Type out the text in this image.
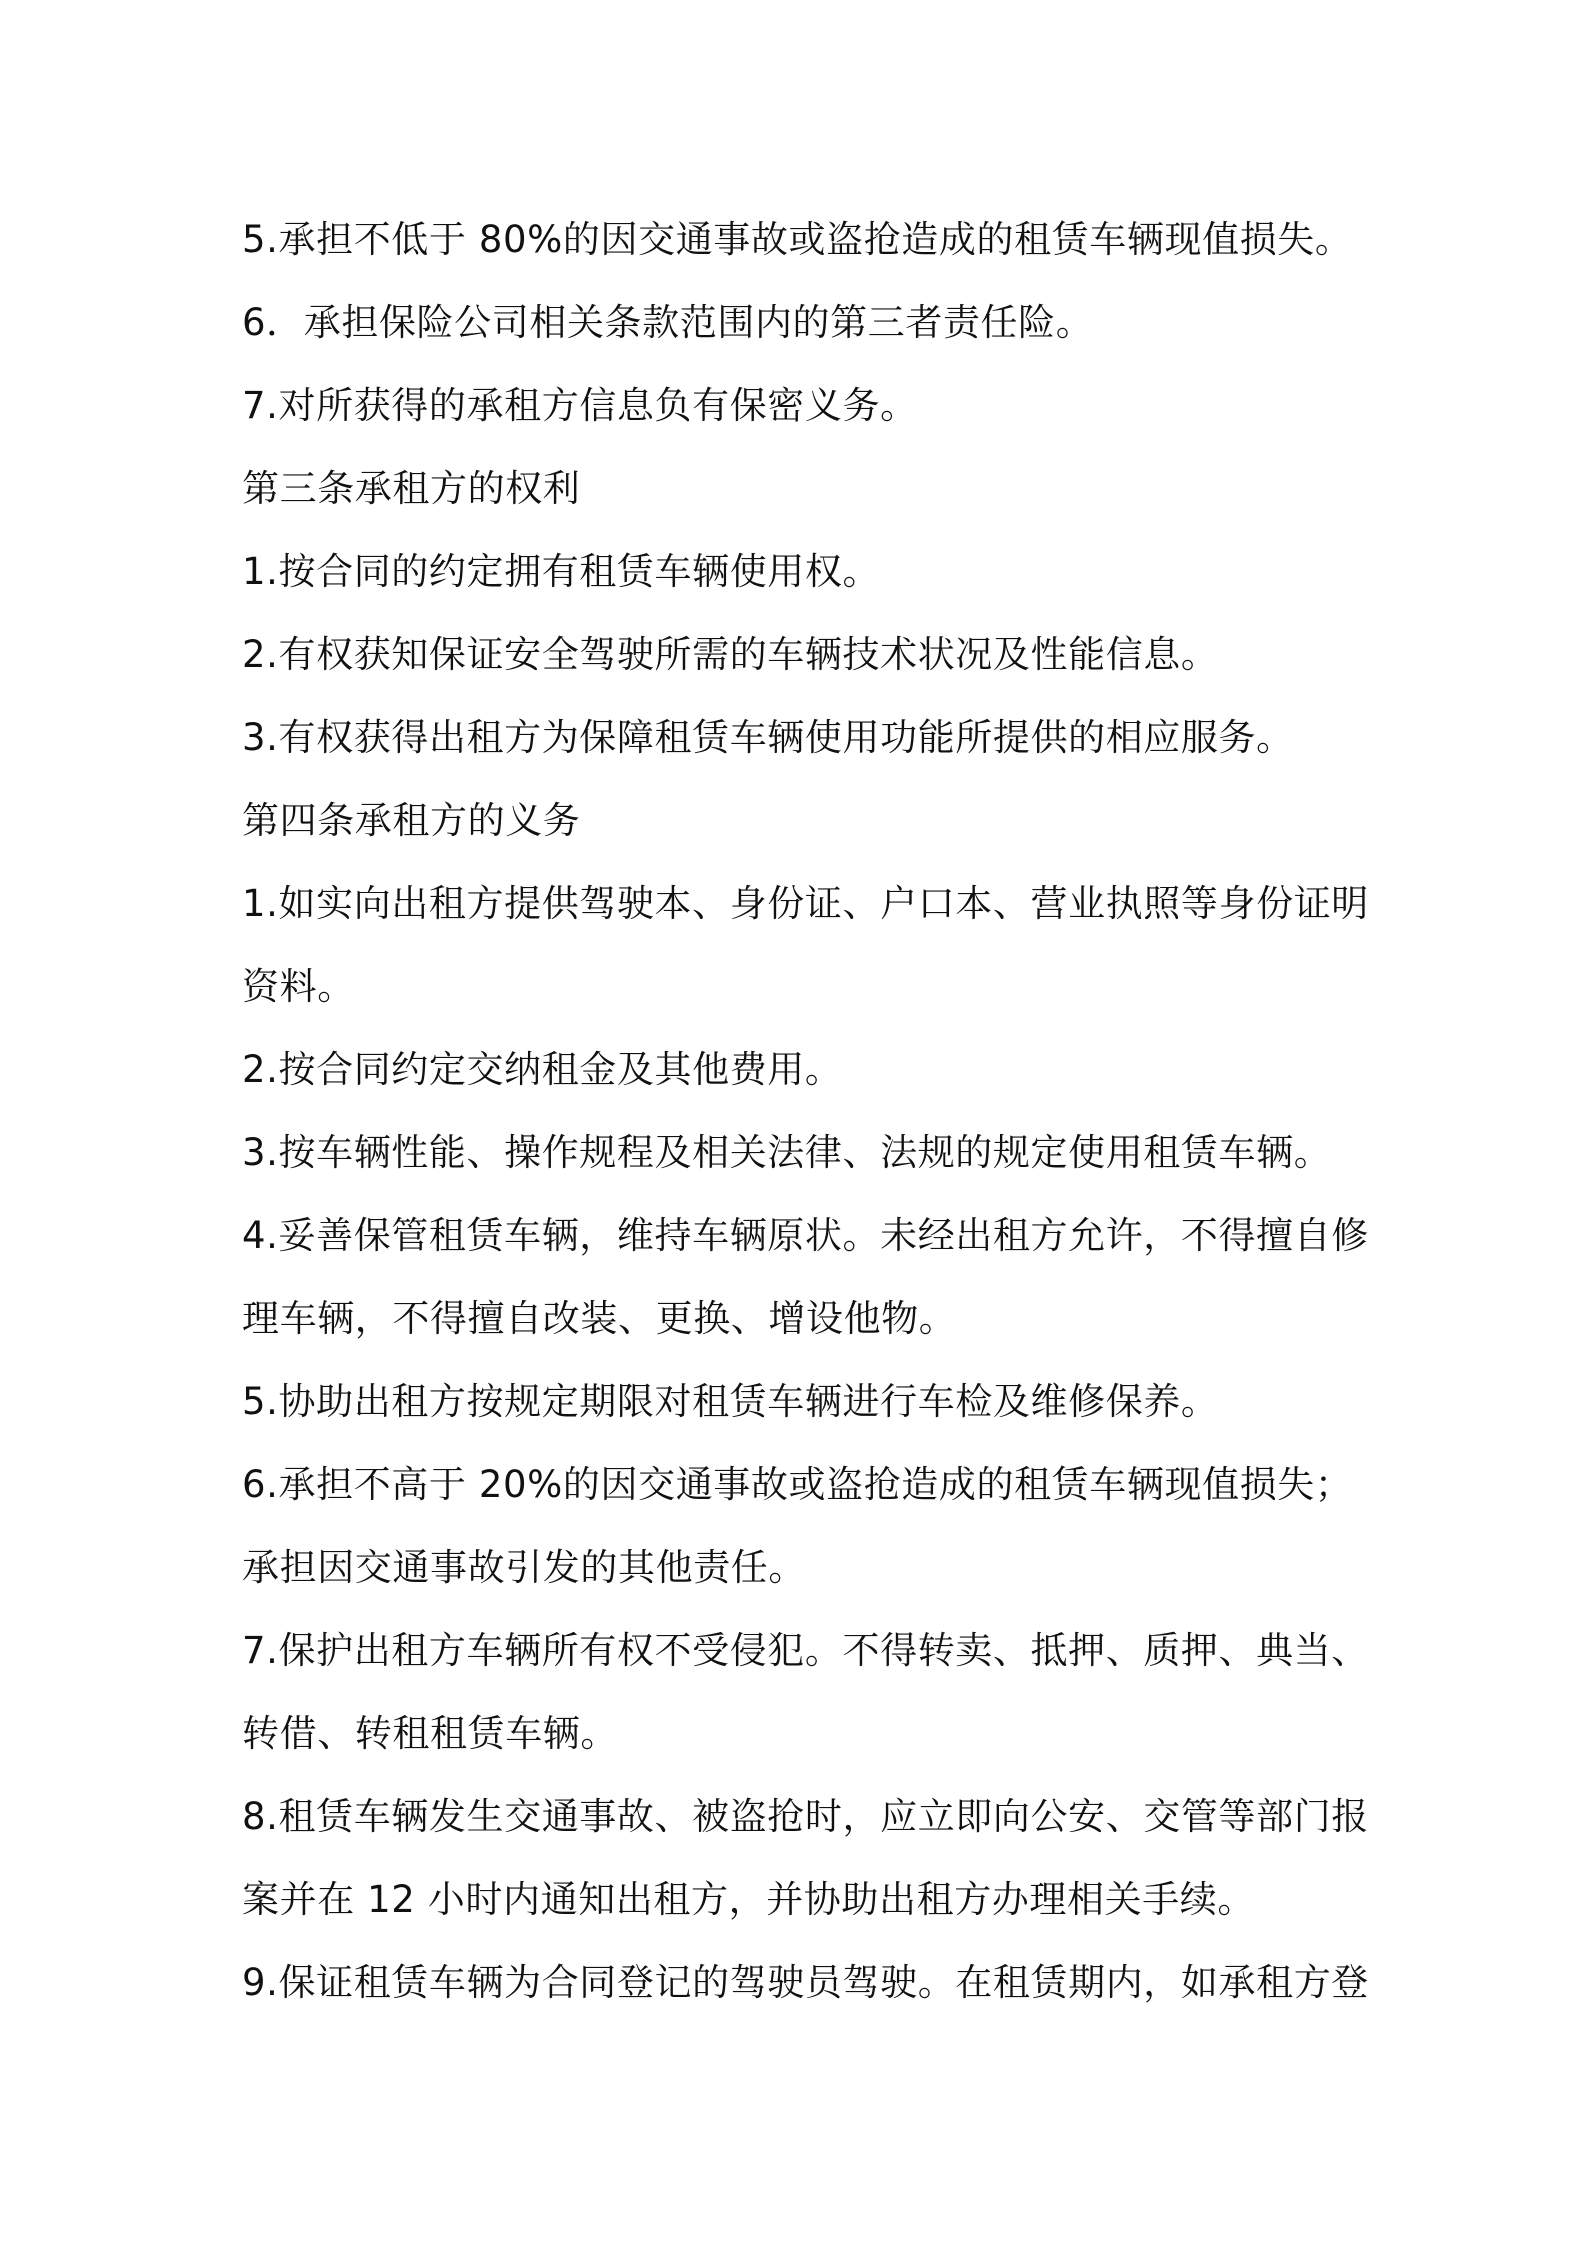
5.承担不低于 80%的因交通事故或盗抢造成的租赁车辆现值损失。
6．承担保险公司相关条款范围内的第三者责任险。
7.对所获得的承租方信息负有保密义务。
第三条承租方的权利
1.按合同的约定拥有租赁车辆使用权。
2.有权获知保证安全驾驶所需的车辆技术状况及性能信息。
3.有权获得出租方为保障租赁车辆使用功能所提供的相应服务。
第四条承租方的义务
1.如实向出租方提供驾驶本、身份证、户口本、营业执照等身份证明
资料。
2.按合同约定交纳租金及其他费用。
3.按车辆性能、操作规程及相关法律、法规的规定使用租赁车辆。
4.妥善保管租赁车辆，维持车辆原状。未经出租方允许，不得擅自修
理车辆，不得擅自改装、更换、增设他物。
5.协助出租方按规定期限对租赁车辆进行车检及维修保养。
6.承担不高于 20%的因交通事故或盗抢造成的租赁车辆现值损失；
承担因交通事故引发的其他责任。
7.保护出租方车辆所有权不受侵犯。不得转卖、抵押、质押、典当、
转借、转租租赁车辆。
8.租赁车辆发生交通事故、被盗抢时，应立即向公安、交管等部门报
案并在 12 小时内通知出租方，并协助出租方办理相关手续。
9.保证租赁车辆为合同登记的驾驶员驾驶。在租赁期内，如承租方登
